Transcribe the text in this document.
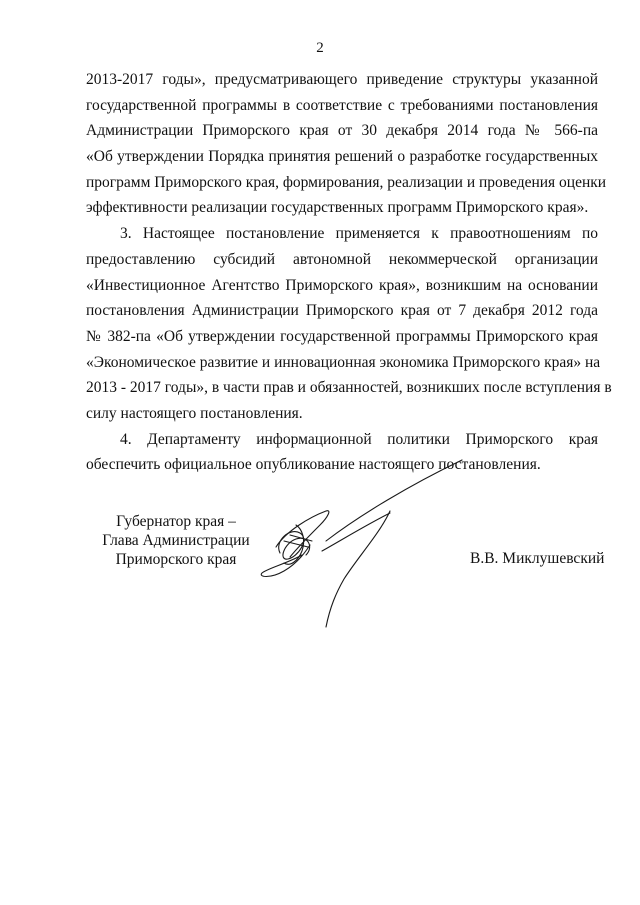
2
2013-2017 годы», предусматривающего приведение структуры указанной
государственной программы в соответствие с требованиями постановления
Администрации Приморского края от 30 декабря 2014 года № 566-па
«Об утверждении Порядка принятия решений о разработке государственных
программ Приморского края, формирования, реализации и проведения оценки
эффективности реализации государственных программ Приморского края».
3. Настоящее постановление применяется к правоотношениям по
предоставлению субсидий автономной некоммерческой организации
«Инвестиционное Агентство Приморского края», возникшим на основании
постановления Администрации Приморского края от 7 декабря 2012 года
№ 382-па «Об утверждении государственной программы Приморского края
«Экономическое развитие и инновационная экономика Приморского края» на
2013 - 2017 годы», в части прав и обязанностей, возникших после вступления в
силу настоящего постановления.
4. Департаменту информационной политики Приморского края
обеспечить официальное опубликование настоящего постановления.
Губернатор края –
Глава Администрации
Приморского края	В.В. Миклушевский
